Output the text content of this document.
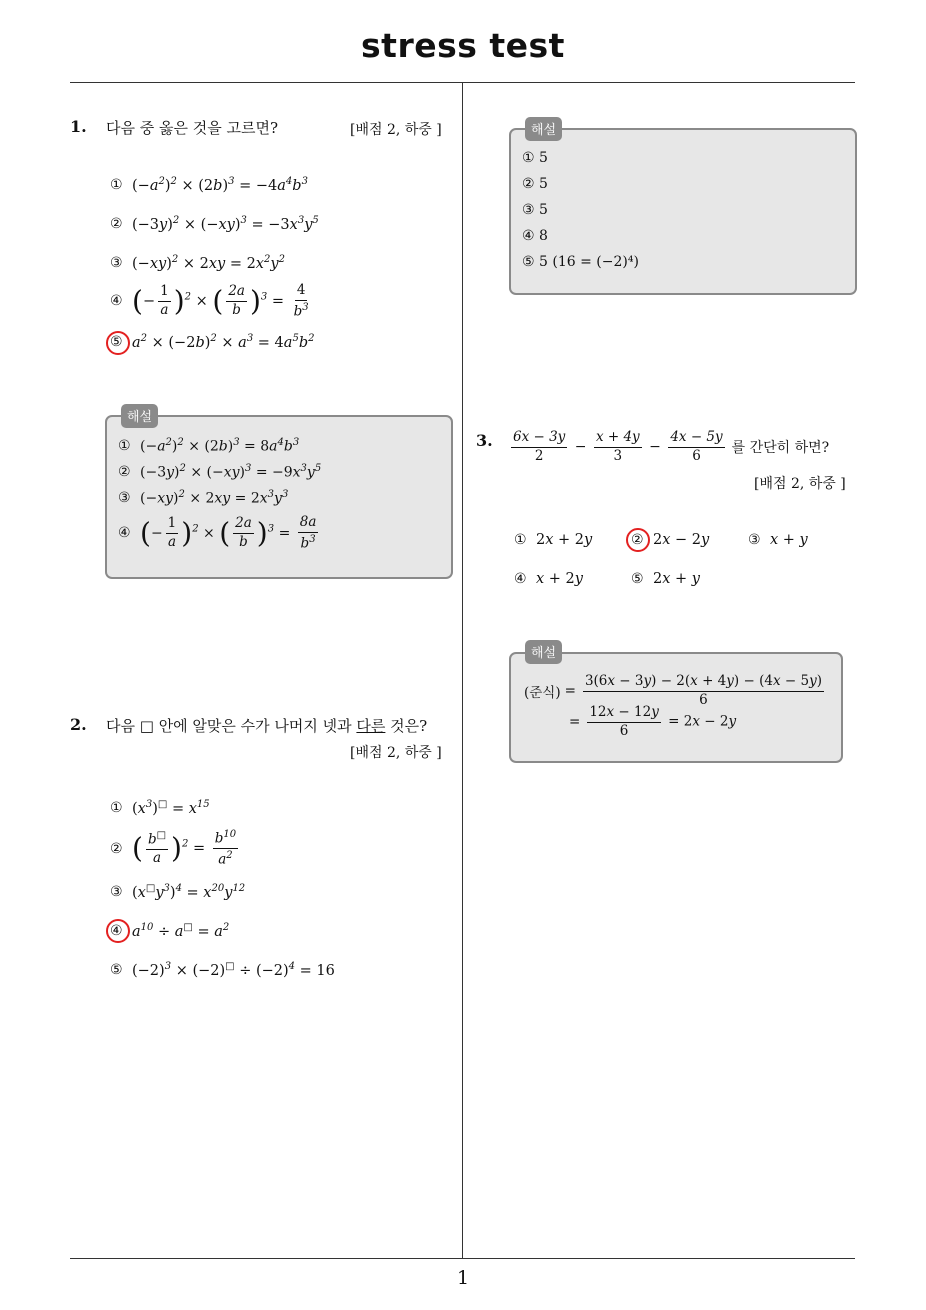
stress test
1
1. 다음 중 옳은 것을 고르면?	[배점 2, 하중 ]
① $(-a^2)^2 \times (2b)^3 = -4a^4b^3$
② $(-3y)^2 \times (-xy)^3 = -3x^3y^5$
③ $(-xy)^2 \times 2xy = 2x^2y^2$
④ (− $\frac{1}{a} )^2$ × ( $\frac{2a}{b} )^3 = \frac{4}{b^3}$
⑤ $a^2 \times (-2b)^2 \times a^3 = 4a^5b^2$
해설
① $(-a^2)^2 \times (2b)^3 = 8a^4b^3$
② $(-3y)^2 \times (-xy)^3 = -9x^3y^5$
③ $(-xy)^2 \times 2xy = 2x^3y^3$
④ (− $\frac{1}{a} )^2$ × ( $\frac{2a}{b} )^3 = \frac{8a}{b^3}$
2. 다음 □ 안에 알맞은 수가 나머지 넷과 다른 것은?
[배점 2, 하중 ]
① $(x^3)^□ = x^{15}$
② ( $\frac{b^□}{a} )^2 = \frac{b^{10}}{a^2}$
③ $(x^□y^3)^4 = x^{20}y^{12}$
④ $a^{10} \div a^□ = a^2$
⑤ $(-2)^3 \times (-2)^□ \div (-2)^4 = 16$
해설
① 5
② 5
③ 5
④ 8
⑤ 5 (16 = (−2)⁴)
3. $\frac{6x - 3y}{2} - \frac{x + 4y}{3} - \frac{4x - 5y}{6}$ 를 간단히 하면?
[배점 2, 하중 ]
① 2x + 2y	② 2x − 2y	③ x + y
④ x + 2y	⑤ 2x + y
해설
(준식) = $\frac{3(6x - 3y) - 2(x + 4y) - (4x - 5y)}{6}$
= $\frac{12x - 12y}{6} = 2x - 2y$
